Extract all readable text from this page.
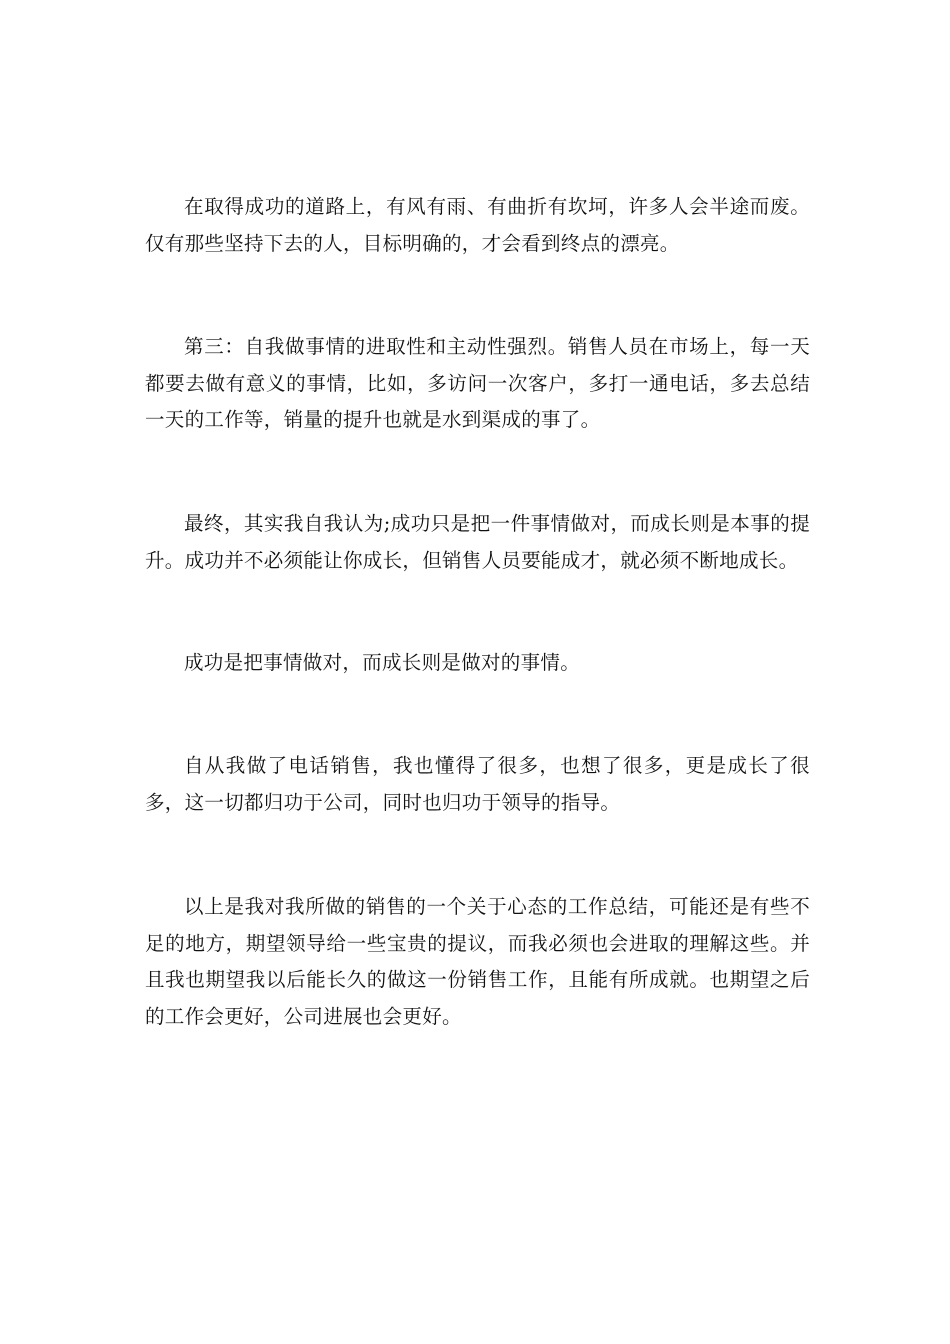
在取得成功的道路上，有风有雨、有曲折有坎坷，许多人会半途而废。仅有那些坚持下去的人，目标明确的，才会看到终点的漂亮。

第三：自我做事情的进取性和主动性强烈。销售人员在市场上，每一天都要去做有意义的事情，比如，多访问一次客户，多打一通电话，多去总结一天的工作等，销量的提升也就是水到渠成的事了。

最终，其实我自我认为;成功只是把一件事情做对，而成长则是本事的提升。成功并不必须能让你成长，但销售人员要能成才，就必须不断地成长。

成功是把事情做对，而成长则是做对的事情。

自从我做了电话销售，我也懂得了很多，也想了很多，更是成长了很多，这一切都归功于公司，同时也归功于领导的指导。

以上是我对我所做的销售的一个关于心态的工作总结，可能还是有些不足的地方，期望领导给一些宝贵的提议，而我必须也会进取的理解这些。并且我也期望我以后能长久的做这一份销售工作，且能有所成就。也期望之后的工作会更好，公司进展也会更好。
